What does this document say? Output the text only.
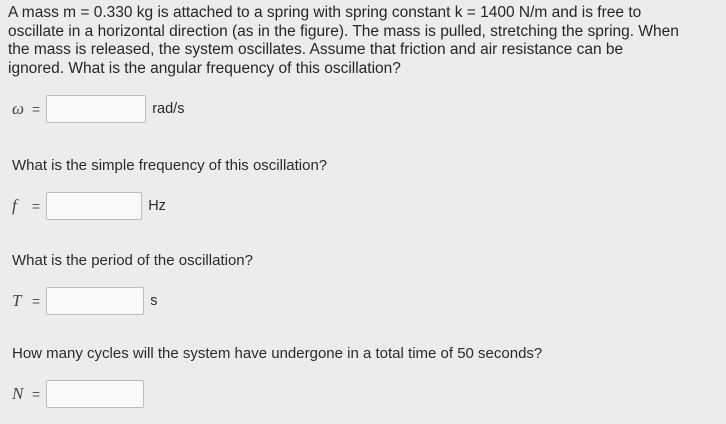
A mass m = 0.330 kg is attached to a spring with spring constant k = 1400 N/m and is free to
oscillate in a horizontal direction (as in the figure). The mass is pulled, stretching the spring. When
the mass is released, the system oscillates. Assume that friction and air resistance can be
ignored. What is the angular frequency of this oscillation?
ω =	rad/s
What is the simple frequency of this oscillation?
f	=	Hz
What is the period of the oscillation?
T =	s
How many cycles will the system have undergone in a total time of 50 seconds?
N =
